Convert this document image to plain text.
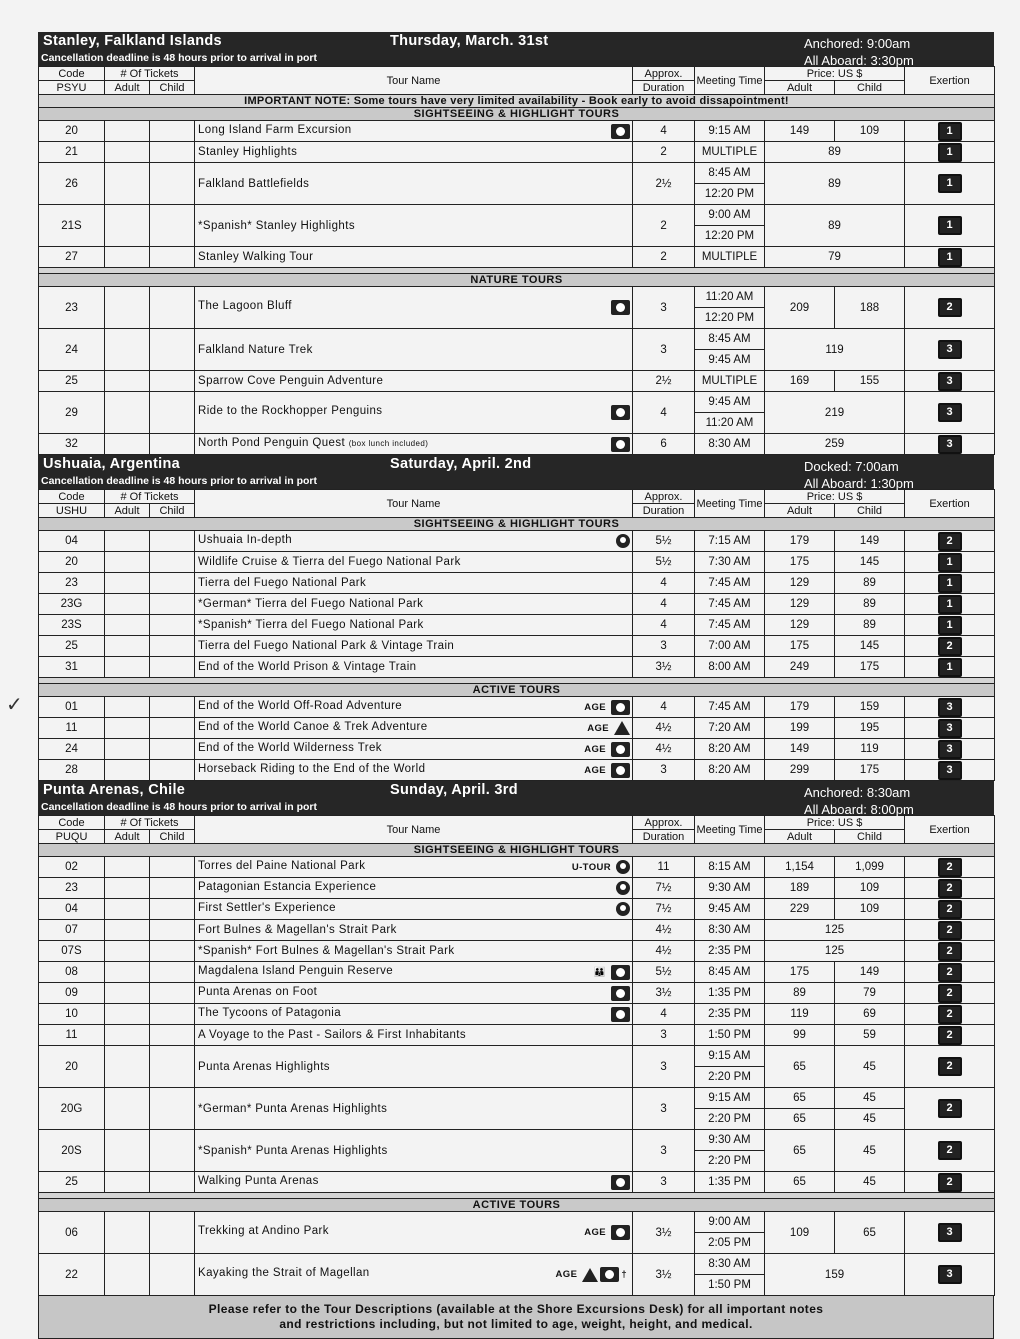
Stanley, Falkland Islands	Thursday, March. 31st
Cancellation deadline is 48 hours prior to arrival in port
Anchored: 9:00am
All Aboard: 3:30pm
Code	# Of Tickets		Tour Name	Approx.	Meeting Time	Price: US $		Exertion
PSYU	Adult	Child		Duration		Adult	Child	
IMPORTANT NOTE: Some tours have very limited availability - Book early to avoid dissapointment!								
SIGHTSEEING & HIGHLIGHT TOURS								
20			Long Island Farm Excursion	4	9:15 AM	149	109	1
21			Stanley Highlights	2	MULTIPLE	89		1
26			Falkland Battlefields	2½	8:45 AM	89		1
					12:20 PM			
21S			*Spanish* Stanley Highlights	2	9:00 AM	89		1
					12:20 PM			
27			Stanley Walking Tour	2	MULTIPLE	79		1

NATURE TOURS								
23			The Lagoon Bluff	3	11:20 AM	209	188	2
					12:20 PM			
24			Falkland Nature Trek	3	8:45 AM	119		3
					9:45 AM			
25			Sparrow Cove Penguin Adventure	2½	MULTIPLE	169	155	3
29			Ride to the Rockhopper Penguins	4	9:45 AM	219		3
					11:20 AM			
32			North Pond Penguin Quest (box lunch included)	6	8:30 AM	259		3
Ushuaia, Argentina	Saturday, April. 2nd
Cancellation deadline is 48 hours prior to arrival in port
Docked: 7:00am
All Aboard: 1:30pm
Code	# Of Tickets		Tour Name	Approx.	Meeting Time	Price: US $		Exertion
USHU	Adult	Child		Duration		Adult	Child	
SIGHTSEEING & HIGHLIGHT TOURS								
04			Ushuaia In-depth	5½	7:15 AM	179	149	2
20			Wildlife Cruise & Tierra del Fuego National Park	5½	7:30 AM	175	145	1
23			Tierra del Fuego National Park	4	7:45 AM	129	89	1
23G			*German* Tierra del Fuego National Park	4	7:45 AM	129	89	1
23S			*Spanish* Tierra del Fuego National Park	4	7:45 AM	129	89	1
25			Tierra del Fuego National Park & Vintage Train	3	7:00 AM	175	145	2
31			End of the World Prison & Vintage Train	3½	8:00 AM	249	175	1

ACTIVE TOURS								
01			End of the World Off-Road Adventure AGE	4	7:45 AM	179	159	3
11			End of the World Canoe & Trek Adventure AGE	4½	7:20 AM	199	195	3
24			End of the World Wilderness Trek AGE	4½	8:20 AM	149	119	3
28			Horseback Riding to the End of the World AGE	3	8:20 AM	299	175	3
Punta Arenas, Chile	Sunday, April. 3rd
Cancellation deadline is 48 hours prior to arrival in port
Anchored: 8:30am
All Aboard: 8:00pm
Code	# Of Tickets		Tour Name	Approx.	Meeting Time	Price: US $		Exertion
PUQU	Adult	Child		Duration		Adult	Child	
SIGHTSEEING & HIGHLIGHT TOURS								
02			Torres del Paine National Park U-TOUR	11	8:15 AM	1,154	1,099	2
23			Patagonian Estancia Experience	7½	9:30 AM	189	109	2
04			First Settler's Experience	7½	9:45 AM	229	109	2
07			Fort Bulnes & Magellan's Strait Park	4½	8:30 AM	125		2
07S			*Spanish* Fort Bulnes & Magellan's Strait Park	4½	2:35 PM	125		2
08			Magdalena Island Penguin Reserve 👪	5½	8:45 AM	175	149	2
09			Punta Arenas on Foot	3½	1:35 PM	89	79	2
10			The Tycoons of Patagonia	4	2:35 PM	119	69	2
11			A Voyage to the Past - Sailors & First Inhabitants	3	1:50 PM	99	59	2
20			Punta Arenas Highlights	3	9:15 AM	65	45	2
					2:20 PM			
20G			*German* Punta Arenas Highlights	3	9:15 AM	65	45	2
					2:20 PM	65	45	
20S			*Spanish* Punta Arenas Highlights	3	9:30 AM	65	45	2
					2:20 PM			
25			Walking Punta Arenas	3	1:35 PM	65	45	2

ACTIVE TOURS								
06			Trekking at Andino Park AGE	3½	9:00 AM	109	65	3
					2:05 PM			
22			Kayaking the Strait of Magellan AGE †	3½	8:30 AM	159		3
					1:50 PM			
Please refer to the Tour Descriptions (available at the Shore Excursions Desk) for all important notes
and restrictions including, but not limited to age, weight, height, and medical.
✓
